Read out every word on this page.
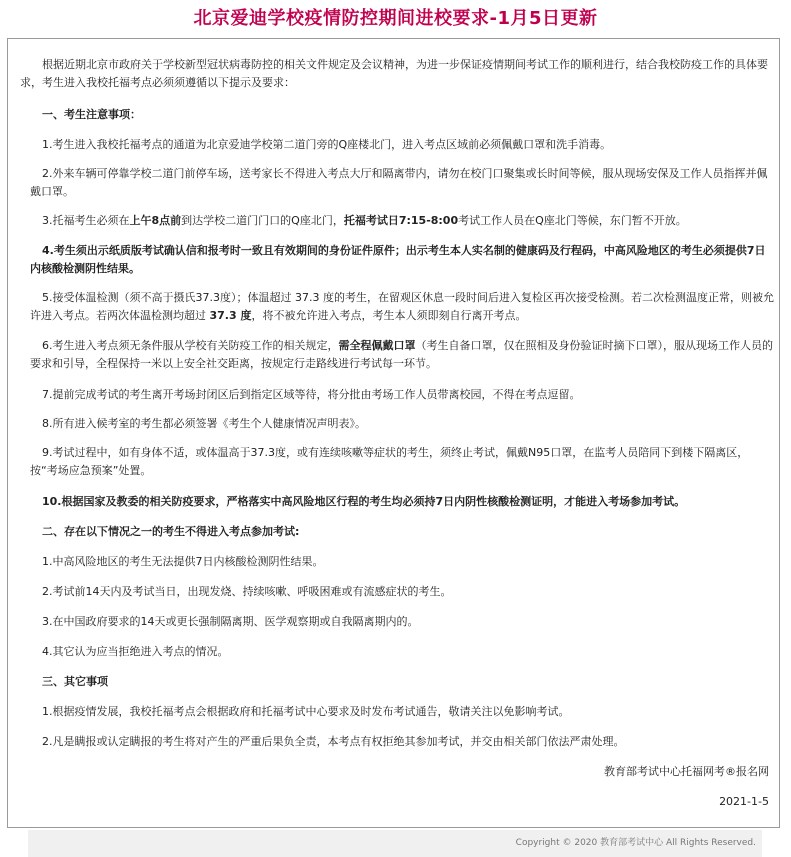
北京爱迪学校疫情防控期间进校要求-1月5日更新
根据近期北京市政府关于学校新型冠状病毒防控的相关文件规定及会议精神，为进一步保证疫情期间考试工作的顺利进行，结合我校防疫工作的具体要求，考生进入我校托福考点必须须遵循以下提示及要求：
一、考生注意事项：
1.考生进入我校托福考点的通道为北京爱迪学校第二道门旁的Q座楼北门，进入考点区域前必须佩戴口罩和洗手消毒。
2.外来车辆可停靠学校二道门前停车场，送考家长不得进入考点大厅和隔离带内，请勿在校门口聚集或长时间等候，服从现场安保及工作人员指挥并佩戴口罩。
3.托福考生必须在上午8点前到达学校二道门门口的Q座北门，托福考试日7:15-8:00考试工作人员在Q座北门等候，东门暂不开放。
4.考生须出示纸质版考试确认信和报考时一致且有效期间的身份证件原件；出示考生本人实名制的健康码及行程码，中高风险地区的考生必须提供7日内核酸检测阴性结果。
5.接受体温检测（须不高于摄氏37.3度）；体温超过 37.3 度的考生，在留观区休息一段时间后进入复检区再次接受检测。若二次检测温度正常，则被允许进入考点。若两次体温检测均超过 37.3 度，将不被允许进入考点，考生本人须即刻自行离开考点。
6.考生进入考点须无条件服从学校有关防疫工作的相关规定，需全程佩戴口罩（考生自备口罩，仅在照相及身份验证时摘下口罩），服从现场工作人员的要求和引导，全程保持一米以上安全社交距离，按规定行走路线进行考试每一环节。
7.提前完成考试的考生离开考场封闭区后到指定区域等待，将分批由考场工作人员带离校园，不得在考点逗留。
8.所有进入候考室的考生都必须签署《考生个人健康情况声明表》。
9.考试过程中，如有身体不适，或体温高于37.3度，或有连续咳嗽等症状的考生，须终止考试，佩戴N95口罩，在监考人员陪同下到楼下隔离区，按“考场应急预案”处置。
10.根据国家及教委的相关防疫要求，严格落实中高风险地区行程的考生均必须持7日内阴性核酸检测证明，才能进入考场参加考试。
二、存在以下情况之一的考生不得进入考点参加考试:
1.中高风险地区的考生无法提供7日内核酸检测阴性结果。
2.考试前14天内及考试当日，出现发烧、持续咳嗽、呼吸困难或有流感症状的考生。
3.在中国政府要求的14天或更长强制隔离期、医学观察期或自我隔离期内的。
4.其它认为应当拒绝进入考点的情况。
三、其它事项
1.根据疫情发展，我校托福考点会根据政府和托福考试中心要求及时发布考试通告，敬请关注以免影响考试。
2.凡是瞒报或认定瞒报的考生将对产生的严重后果负全责，本考点有权拒绝其参加考试，并交由相关部门依法严肃处理。
教育部考试中心托福网考®报名网
2021-1-5
Copyright © 2020 教育部考试中心 All Rights Reserved.
